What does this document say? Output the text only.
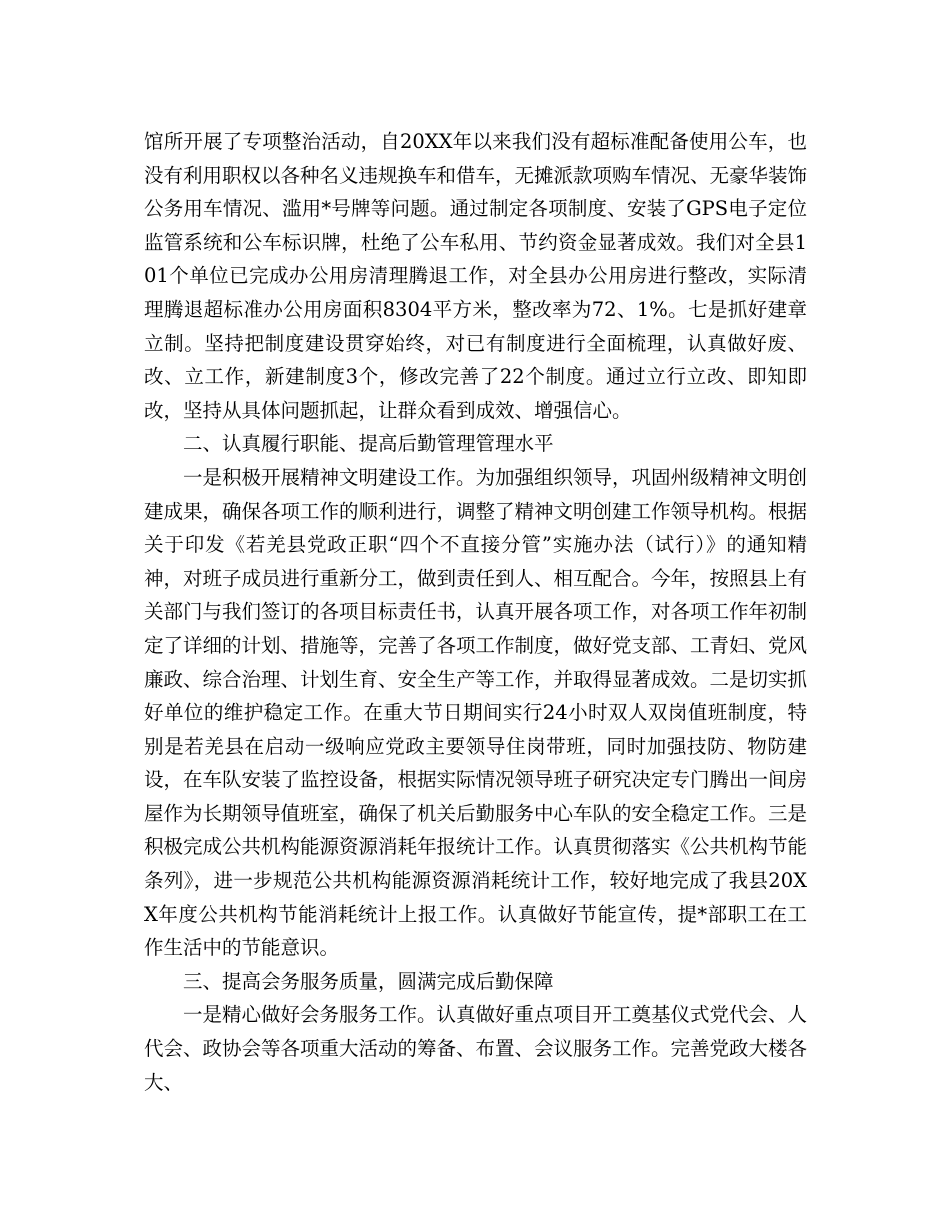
馆所开展了专项整治活动，自20XX年以来我们没有超标准配备使用公车，也没有利用职权以各种名义违规换车和借车，无摊派款项购车情况、无豪华装饰公务用车情况、滥用*号牌等问题。通过制定各项制度、安装了GPS电子定位监管系统和公车标识牌，杜绝了公车私用、节约资金显著成效。我们对全县101个单位已完成办公用房清理腾退工作，对全县办公用房进行整改，实际清理腾退超标准办公用房面积8304平方米，整改率为72、1%。七是抓好建章立制。坚持把制度建设贯穿始终，对已有制度进行全面梳理，认真做好废、改、立工作，新建制度3个，修改完善了22个制度。通过立行立改、即知即改，坚持从具体问题抓起，让群众看到成效、增强信心。

二、认真履行职能、提高后勤管理管理水平

一是积极开展精神文明建设工作。为加强组织领导，巩固州级精神文明创建成果，确保各项工作的顺利进行，调整了精神文明创建工作领导机构。根据关于印发《若羌县党政正职“四个不直接分管”实施办法（试行）》的通知精神，对班子成员进行重新分工，做到责任到人、相互配合。今年，按照县上有关部门与我们签订的各项目标责任书，认真开展各项工作，对各项工作年初制定了详细的计划、措施等，完善了各项工作制度，做好党支部、工青妇、党风廉政、综合治理、计划生育、安全生产等工作，并取得显著成效。二是切实抓好单位的维护稳定工作。在重大节日期间实行24小时双人双岗值班制度，特别是若羌县在启动一级响应党政主要领导住岗带班，同时加强技防、物防建设，在车队安装了监控设备，根据实际情况领导班子研究决定专门腾出一间房屋作为长期领导值班室，确保了机关后勤服务中心车队的安全稳定工作。三是积极完成公共机构能源资源消耗年报统计工作。认真贯彻落实《公共机构节能条列》，进一步规范公共机构能源资源消耗统计工作，较好地完成了我县20XX年度公共机构节能消耗统计上报工作。认真做好节能宣传，提*部职工在工作生活中的节能意识。

三、提高会务服务质量，圆满完成后勤保障

一是精心做好会务服务工作。认真做好重点项目开工奠基仪式党代会、人代会、政协会等各项重大活动的筹备、布置、会议服务工作。完善党政大楼各大、
